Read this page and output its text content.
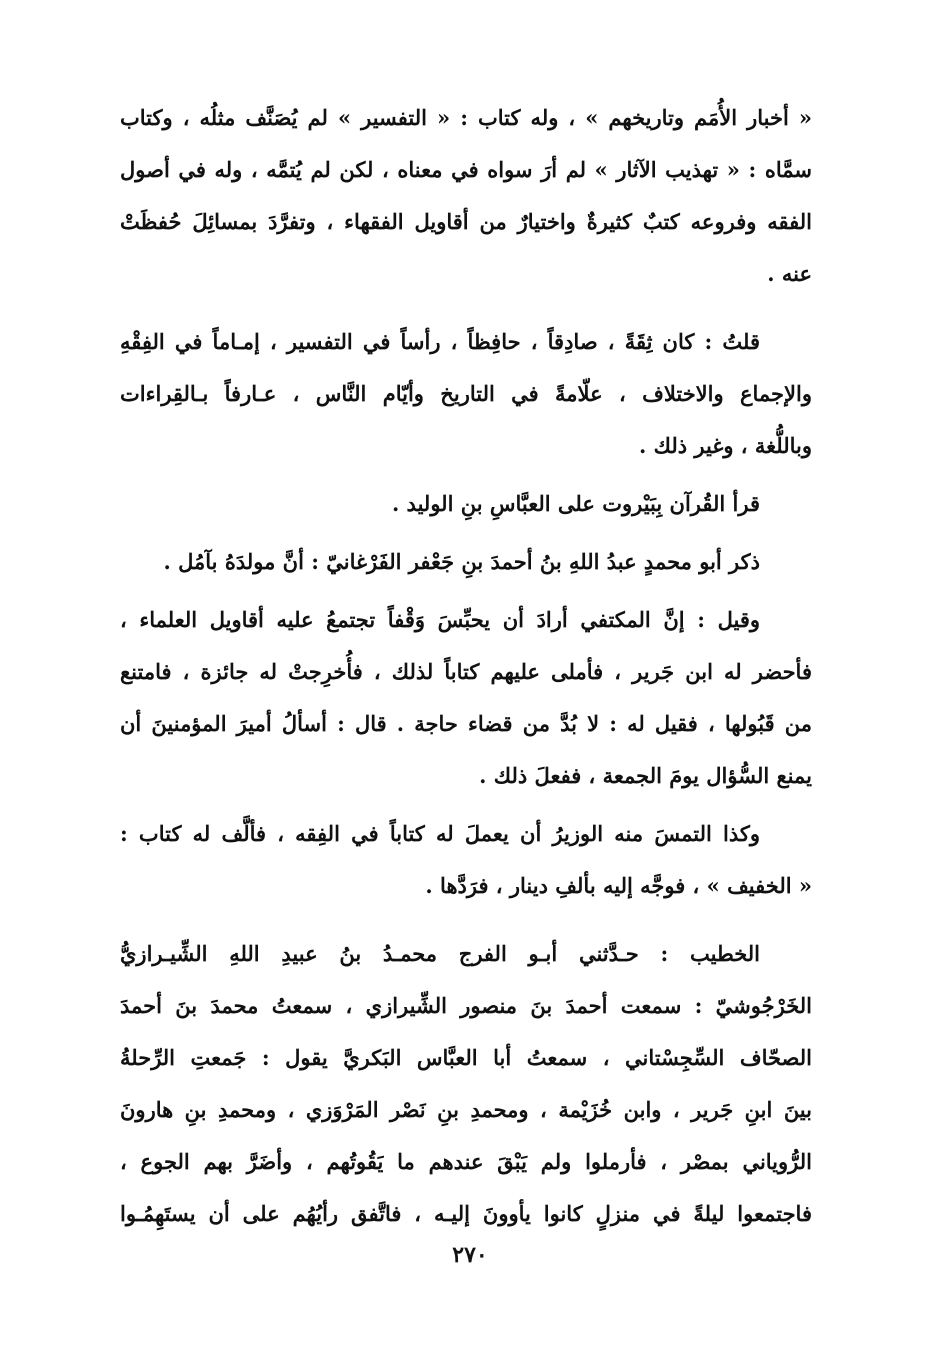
« أخبار الأُمَم وتاريخهم » ، وله كتاب : « التفسير » لم يُصَنَّف مثلُه ، وكتاب
سمَّاه : « تهذيب الآثار » لم أرَ سواه في معناه ، لكن لم يُتمَّه ، وله في أصول
الفقه وفروعه كتبٌ كثيرةٌ واختيارٌ من أقاويل الفقهاء ، وتفرَّدَ بمسائِلَ حُفظَتْ
عنه .
قلتُ : كان ثِقَةً ، صادِقاً ، حافِظاً ، رأساً في التفسير ، إمـاماً في الفِقْهِ
والإجماع والاختلاف ، علّامةً في التاريخ وأيّام النَّاس ، عـارفاً بـالقِراءات
وباللُّغة ، وغير ذلك .
قرأ القُرآن بِبَيْروت على العبَّاسِ بنِ الوليد .
ذكر أبو محمدٍ عبدُ اللهِ بنُ أحمدَ بنِ جَعْفر الفَرْغانيّ : أنَّ مولدَهُ بآمُل .
وقيل : إنَّ المكتفي أرادَ أن يحبِّسَ وَقْفاً تجتمعُ عليه أقاويل العلماء ،
فأحضر له ابن جَرير ، فأملى عليهم كتاباً لذلك ، فأُخرِجتْ له جائزة ، فامتنع
من قَبُولها ، فقيل له : لا بُدَّ من قضاء حاجة . قال : أسألُ أميرَ المؤمنينَ أن
يمنع السُّؤال يومَ الجمعة ، ففعلَ ذلك .
وكذا التمسَ منه الوزيرُ أن يعملَ له كتاباً في الفِقه ، فألَّف له كتاب :
« الخفيف » ، فوجَّه إليه بألفِ دينار ، فرَدَّها .
الخطيب : حـدَّثني أبـو الفرج محمـدُ بنُ عبيدِ اللهِ الشِّيـرازيُّ
الخَرْجُوشيّ : سمعت أحمدَ بنَ منصور الشِّيرازي ، سمعتُ محمدَ بنَ أحمدَ
الصحّاف السِّجِسْتاني ، سمعتُ أبا العبَّاس البَكريَّ يقول : جَمعتِ الرِّحلةُ
بينَ ابنِ جَرير ، وابن خُزَيْمة ، ومحمدِ بنِ نَصْر المَرْوَزي ، ومحمدِ بنِ هارونَ
الرُّوياني بمصْر ، فأرملوا ولم يَبْقَ عندهم ما يَقُوتُهم ، وأضَرَّ بهم الجوع ،
فاجتمعوا ليلةً في منزلٍ كانوا يأوونَ إليـه ، فاتَّفق رأيُهُم على أن يستَهِمُـوا
٢٧٠
